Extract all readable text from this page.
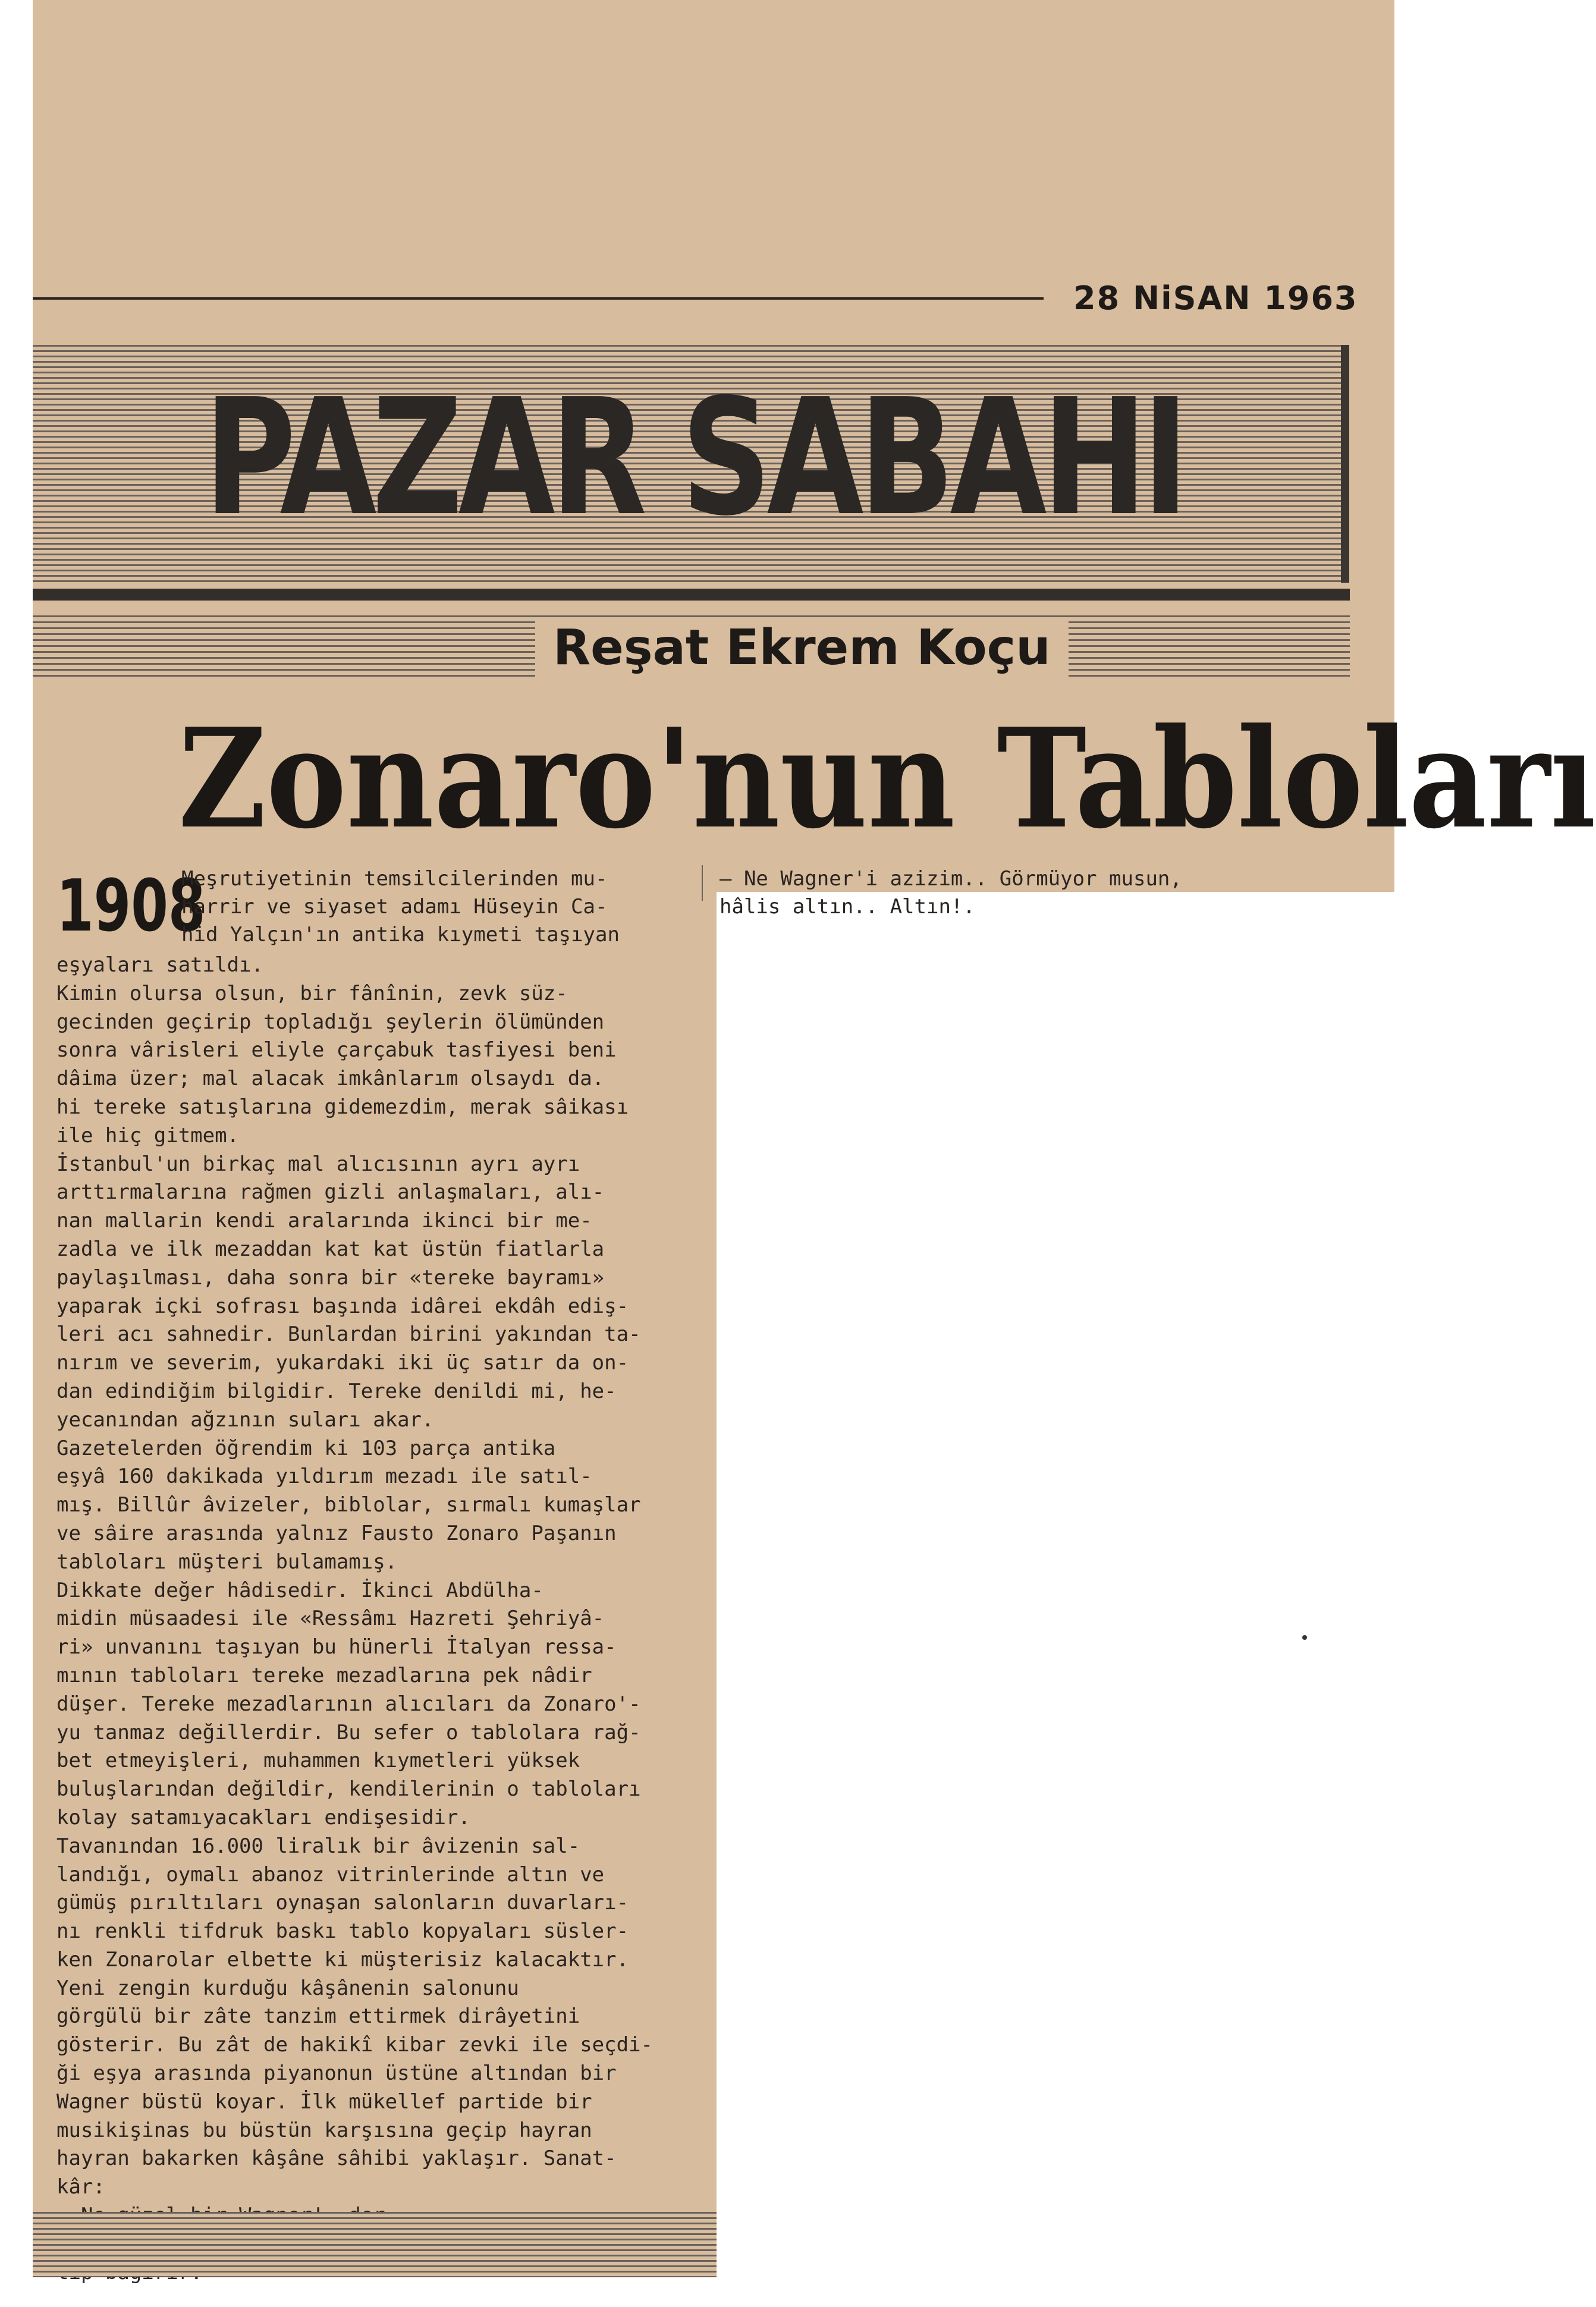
28 NiSAN 1963
PAZAR SABAHI
Reşat Ekrem Koçu
Zonaro'nun Tabloları
1908
Meşrutiyetinin temsilcilerinden mu-
harrir ve siyaset adamı Hüseyin Ca-
hid Yalçın'ın antika kıymeti taşıyan
eşyaları satıldı.
Kimin olursa olsun, bir fânînin, zevk süz-
gecinden geçirip topladığı şeylerin ölümünden
sonra vârisleri eliyle çarçabuk tasfiyesi beni
dâima üzer; mal alacak imkânlarım olsaydı da.
hi tereke satışlarına gidemezdim, merak sâikası
ile hiç gitmem.
İstanbul'un birkaç mal alıcısının ayrı ayrı
arttırmalarına rağmen gizli anlaşmaları, alı-
nan mallarin kendi aralarında ikinci bir me-
zadla ve ilk mezaddan kat kat üstün fiatlarla
paylaşılması, daha sonra bir «tereke bayramı»
yaparak içki sofrası başında idârei ekdâh ediş-
leri acı sahnedir. Bunlardan birini yakından ta-
nırım ve severim, yukardaki iki üç satır da on-
dan edindiğim bilgidir. Tereke denildi mi, he-
yecanından ağzının suları akar.
Gazetelerden öğrendim ki 103 parça antika
eşyâ 160 dakikada yıldırım mezadı ile satıl-
mış. Billûr âvizeler, biblolar, sırmalı kumaşlar
ve sâire arasında yalnız Fausto Zonaro Paşanın
tabloları müşteri bulamamış.
Dikkate değer hâdisedir. İkinci Abdülha-
midin müsaadesi ile «Ressâmı Hazreti Şehriyâ-
ri» unvanını taşıyan bu hünerli İtalyan ressa-
mının tabloları tereke mezadlarına pek nâdir
düşer. Tereke mezadlarının alıcıları da Zonaro'-
yu tanmaz değillerdir. Bu sefer o tablolara rağ-
bet etmeyişleri, muhammen kıymetleri yüksek
buluşlarından değildir, kendilerinin o tabloları
kolay satamıyacakları endişesidir.
Tavanından 16.000 liralık bir âvizenin sal-
landığı, oymalı abanoz vitrinlerinde altın ve
gümüş pırıltıları oynaşan salonların duvarları-
nı renkli tifdruk baskı tablo kopyaları süsler-
ken Zonarolar elbette ki müşterisiz kalacaktır.
Yeni zengin kurduğu kâşânenin salonunu
görgülü bir zâte tanzim ettirmek dirâyetini
gösterir. Bu zât de hakikî kibar zevki ile seçdi-
ği eşya arasında piyanonun üstüne altından bir
Wagner büstü koyar. İlk mükellef partide bir
musikişinas bu büstün karşısına geçip hayran
hayran bakarken kâşâne sâhibi yaklaşır. Sanat-
kâr:

— Ne Wagner'i azizim.. Görmüyor musun,
hâlis altın.. Altın!.
